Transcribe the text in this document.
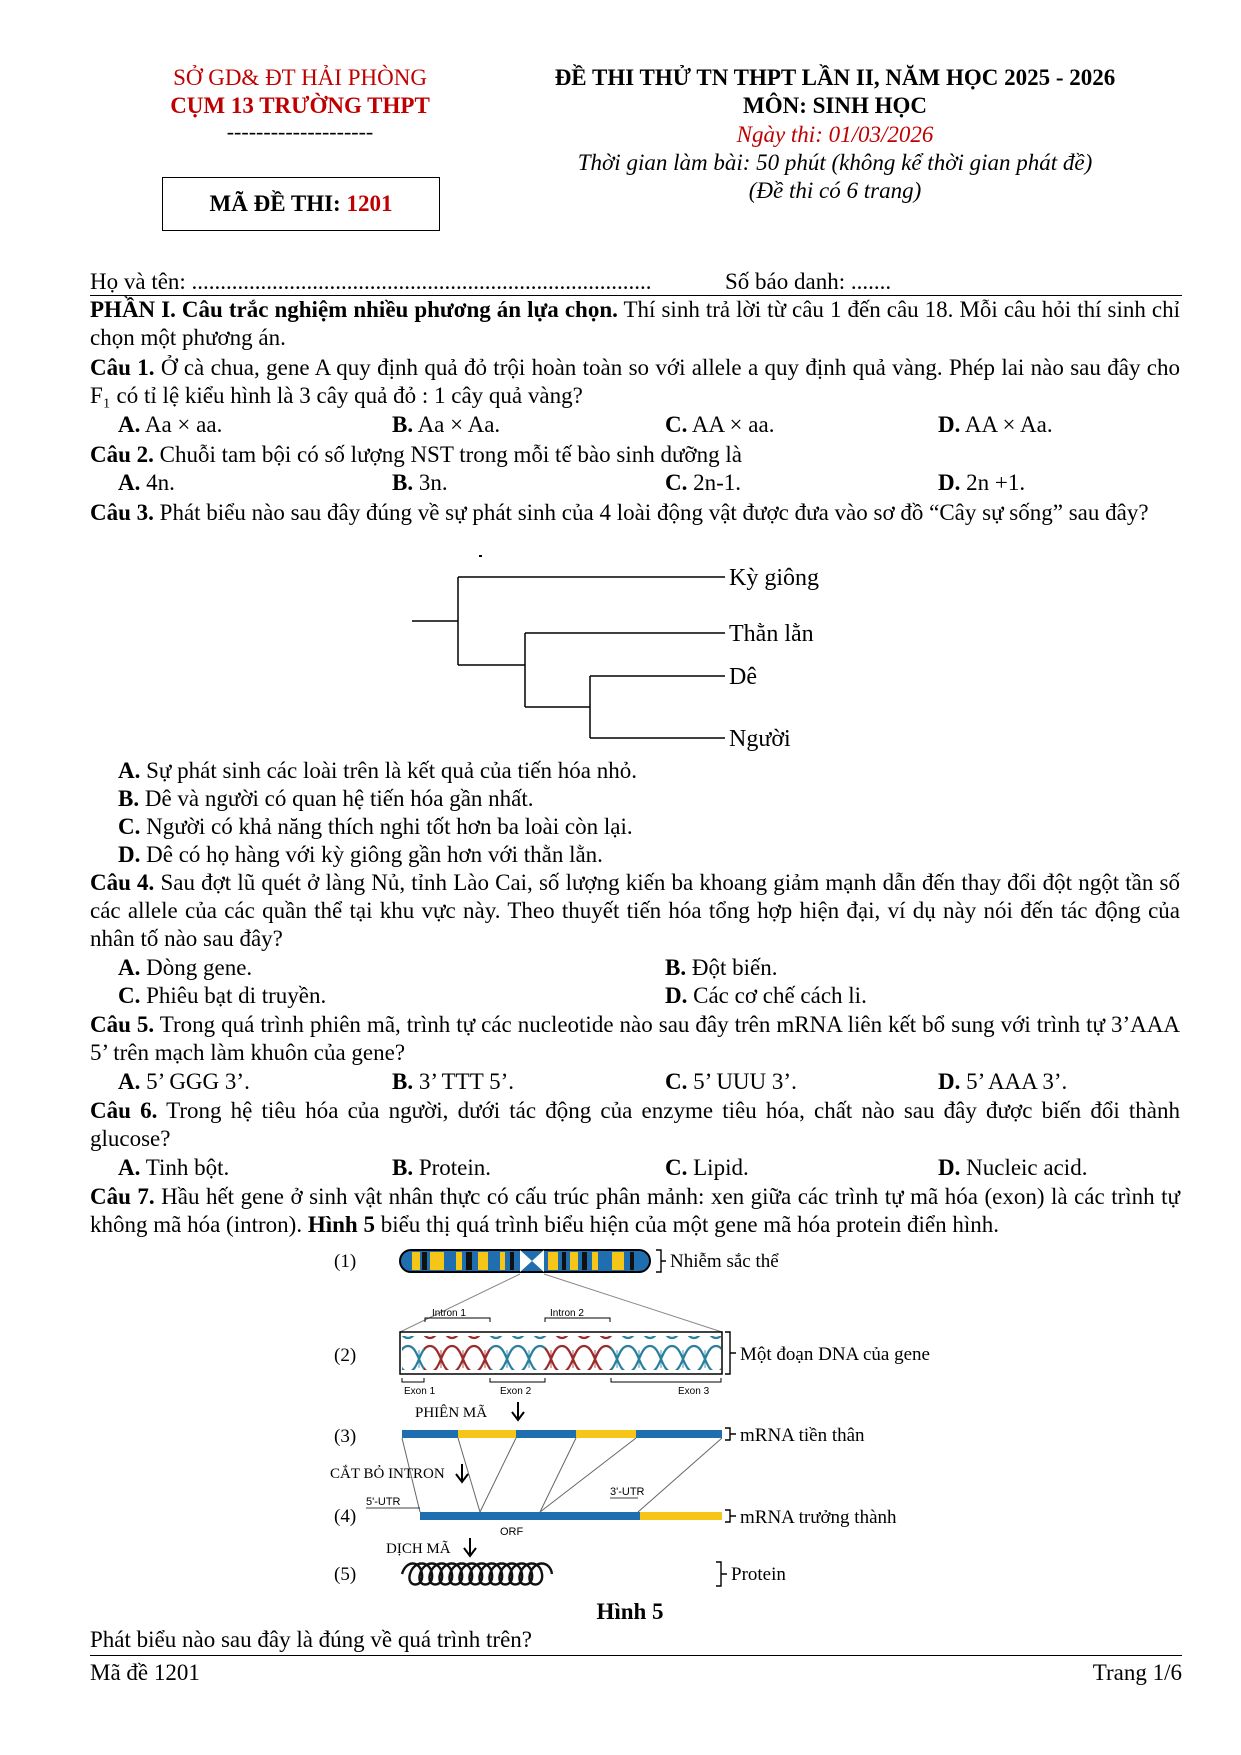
SỞ GD& ĐT HẢI PHÒNG
CỤM 13 TRƯỜNG THPT
--------------------
MÃ ĐỀ THI: 1201
ĐỀ THI THỬ TN THPT LẦN II, NĂM HỌC 2025 - 2026
MÔN: SINH HỌC
Ngày thi: 01/03/2026
Thời gian làm bài: 50 phút (không kể thời gian phát đề)
(Đề thi có 6 trang)
Họ và tên: ................................................................................	Số báo danh: .......
PHẦN I. Câu trắc nghiệm nhiều phương án lựa chọn. Thí sinh trả lời từ câu 1 đến câu 18. Mỗi câu hỏi thí sinh chỉ chọn một phương án.
Câu 1. Ở cà chua, gene A quy định quả đỏ trội hoàn toàn so với allele a quy định quả vàng. Phép lai nào sau đây cho F₁ có tỉ lệ kiểu hình là 3 cây quả đỏ : 1 cây quả vàng?
A. Aa × aa.	B. Aa × Aa.	C. AA × aa.	D. AA × Aa.
Câu 2. Chuỗi tam bội có số lượng NST trong mỗi tế bào sinh dưỡng là
A. 4n.	B. 3n.	C. 2n-1.	D. 2n +1.
Câu 3. Phát biểu nào sau đây đúng về sự phát sinh của 4 loài động vật được đưa vào sơ đồ “Cây sự sống” sau đây?
Kỳ giông
Thằn lằn
Dê
Người
A. Sự phát sinh các loài trên là kết quả của tiến hóa nhỏ.
B. Dê và người có quan hệ tiến hóa gần nhất.
C. Người có khả năng thích nghi tốt hơn ba loài còn lại.
D. Dê có họ hàng với kỳ giông gần hơn với thằn lằn.
Câu 4. Sau đợt lũ quét ở làng Nủ, tỉnh Lào Cai, số lượng kiến ba khoang giảm mạnh dẫn đến thay đổi đột ngột tần số các allele của các quần thể tại khu vực này. Theo thuyết tiến hóa tổng hợp hiện đại, ví dụ này nói đến tác động của nhân tố nào sau đây?
A. Dòng gene.	B. Đột biến.
C. Phiêu bạt di truyền.	D. Các cơ chế cách li.
Câu 5. Trong quá trình phiên mã, trình tự các nucleotide nào sau đây trên mRNA liên kết bổ sung với trình tự 3’AAA 5’ trên mạch làm khuôn của gene?
A. 5’ GGG 3’.	B. 3’ TTT 5’.	C. 5’ UUU 3’.	D. 5’ AAA 3’.
Câu 6. Trong hệ tiêu hóa của người, dưới tác động của enzyme tiêu hóa, chất nào sau đây được biến đổi thành glucose?
A. Tinh bột.	B. Protein.	C. Lipid.	D. Nucleic acid.
Câu 7. Hầu hết gene ở sinh vật nhân thực có cấu trúc phân mảnh: xen giữa các trình tự mã hóa (exon) là các trình tự không mã hóa (intron). Hình 5 biểu thị quá trình biểu hiện của một gene mã hóa protein điển hình.
(1)
(2)
(3)
(4)
(5)
Nhiễm sắc thể
Intron 1	Intron 2
Một đoạn DNA của gene
Exon 1	Exon 2	Exon 3
PHIÊN MÃ
mRNA tiền thân
CẮT BỎ INTRON
5'-UTR
3'-UTR
ORF
mRNA trưởng thành
DỊCH MÃ
Protein
Hình 5
Phát biểu nào sau đây là đúng về quá trình trên?
Mã đề 1201	Trang 1/6
